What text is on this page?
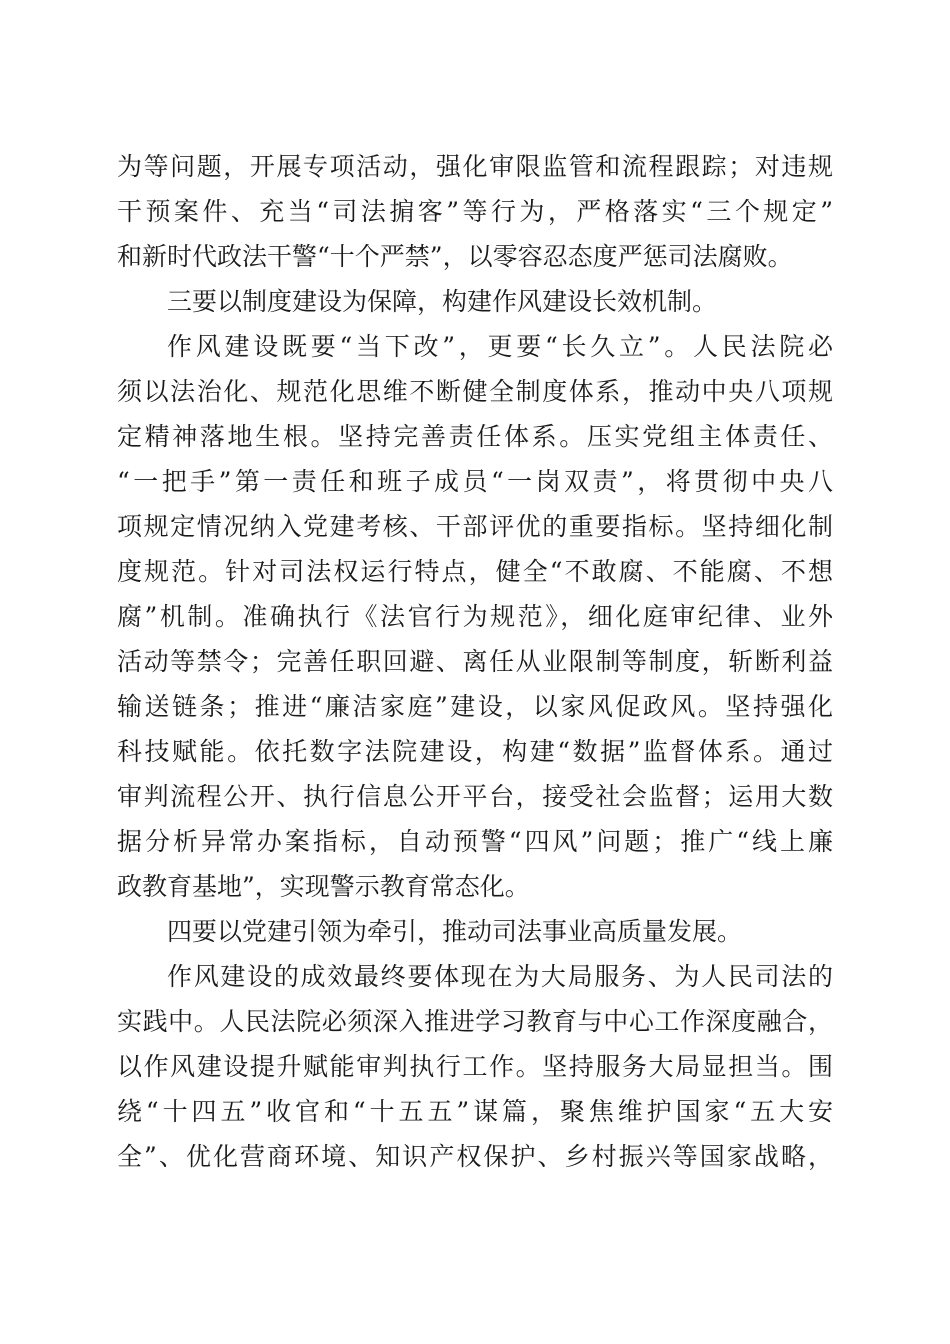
为等问题，开展专项活动，强化审限监管和流程跟踪；对违规
干预案件、充当“司法掮客”等行为，严格落实“三个规定”
和新时代政法干警“十个严禁”，以零容忍态度严惩司法腐败。
三要以制度建设为保障，构建作风建设长效机制。
作风建设既要“当下改”，更要“长久立”。人民法院必
须以法治化、规范化思维不断健全制度体系，推动中央八项规
定精神落地生根。坚持完善责任体系。压实党组主体责任、
“一把手”第一责任和班子成员“一岗双责”，将贯彻中央八
项规定情况纳入党建考核、干部评优的重要指标。坚持细化制
度规范。针对司法权运行特点，健全“不敢腐、不能腐、不想
腐”机制。准确执行《法官行为规范》，细化庭审纪律、业外
活动等禁令；完善任职回避、离任从业限制等制度，斩断利益
输送链条；推进“廉洁家庭”建设，以家风促政风。坚持强化
科技赋能。依托数字法院建设，构建“数据”监督体系。通过
审判流程公开、执行信息公开平台，接受社会监督；运用大数
据分析异常办案指标，自动预警“四风”问题；推广“线上廉
政教育基地”，实现警示教育常态化。
四要以党建引领为牵引，推动司法事业高质量发展。
作风建设的成效最终要体现在为大局服务、为人民司法的
实践中。人民法院必须深入推进学习教育与中心工作深度融合，
以作风建设提升赋能审判执行工作。坚持服务大局显担当。围
绕“十四五”收官和“十五五”谋篇，聚焦维护国家“五大安
全”、优化营商环境、知识产权保护、乡村振兴等国家战略，
